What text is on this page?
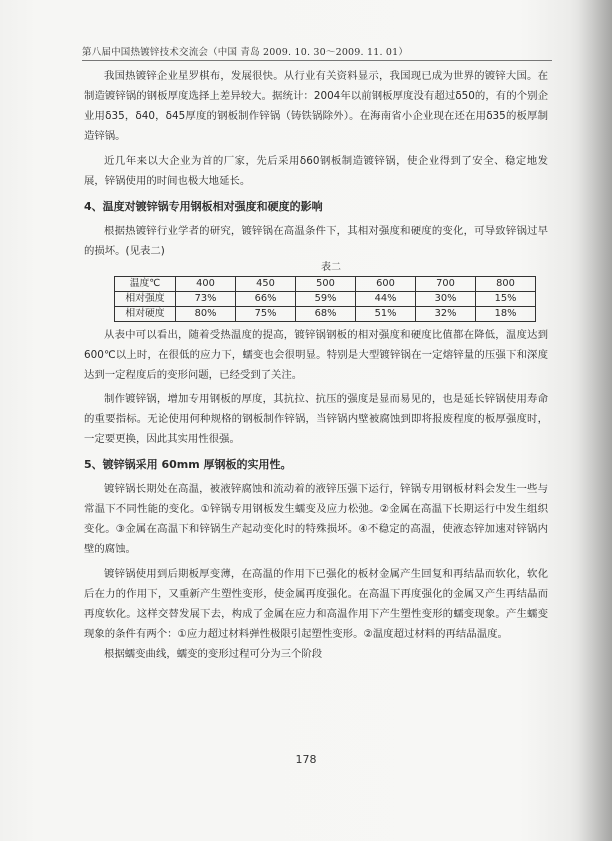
第八届中国热镀锌技术交流会（中国 青岛 2009. 10. 30～2009. 11. 01）

我国热镀锌企业星罗棋布，发展很快。从行业有关资料显示，我国现已成为世界的镀锌大国。在制造镀锌锅的钢板厚度选择上差异较大。据统计：2004年以前钢板厚度没有超过δ50的，有的个别企业用δ35，δ40，δ45厚度的钢板制作锌锅（铸铁锅除外）。在海南省小企业现在还在用δ35的板厚制造锌锅。

近几年来以大企业为首的厂家，先后采用δ60钢板制造镀锌锅，使企业得到了安全、稳定地发展，锌锅使用的时间也极大地延长。

4、温度对镀锌锅专用钢板相对强度和硬度的影响

根据热镀锌行业学者的研究，镀锌锅在高温条件下，其相对强度和硬度的变化，可导致锌锅过早的损坏。(见表二)

表二
温度℃	400	450	500	600	700	800
相对强度	73%	66%	59%	44%	30%	15%
相对硬度	80%	75%	68%	51%	32%	18%

从表中可以看出，随着受热温度的提高，镀锌锅钢板的相对强度和硬度比值都在降低，温度达到600℃以上时，在很低的应力下，蠕变也会很明显。特别是大型镀锌锅在一定熔锌量的压强下和深度达到一定程度后的变形问题，已经受到了关注。

制作镀锌锅，增加专用钢板的厚度，其抗拉、抗压的强度是显而易见的，也是延长锌锅使用寿命的重要指标。无论使用何种规格的钢板制作锌锅，当锌锅内壁被腐蚀到即将报废程度的板厚强度时，一定要更换，因此其实用性很强。

5、镀锌锅采用 60mm 厚钢板的实用性。

镀锌锅长期处在高温，被液锌腐蚀和流动着的液锌压强下运行，锌锅专用钢板材料会发生一些与常温下不同性能的变化。①锌锅专用钢板发生蠕变及应力松弛。②金属在高温下长期运行中发生组织变化。③金属在高温下和锌锅生产起动变化时的特殊损坏。④不稳定的高温，使液态锌加速对锌锅内壁的腐蚀。

镀锌锅使用到后期板厚变薄，在高温的作用下已强化的板材金属产生回复和再结晶而软化，软化后在力的作用下，又重新产生塑性变形，使金属再度强化。在高温下再度强化的金属又产生再结晶而再度软化。这样交替发展下去，构成了金属在应力和高温作用下产生塑性变形的蠕变现象。产生蠕变现象的条件有两个：①应力超过材料弹性极限引起塑性变形。②温度超过材料的再结晶温度。

根据蠕变曲线，蠕变的变形过程可分为三个阶段

178
